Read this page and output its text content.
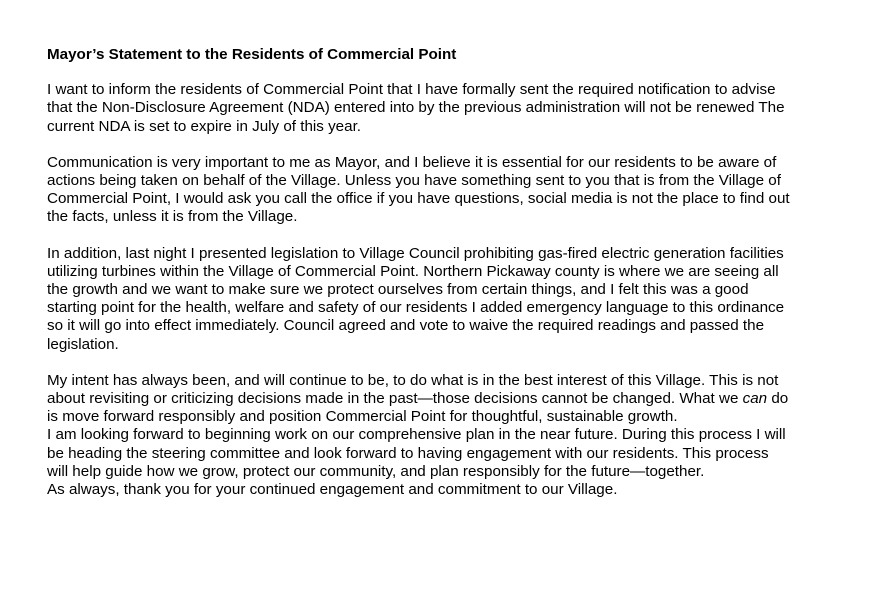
Mayor’s Statement to the Residents of Commercial Point
I want to inform the residents of Commercial Point that I have formally sent the required notification to advise
that the Non-Disclosure Agreement (NDA) entered into by the previous administration will not be renewed The
current NDA is set to expire in July of this year.
Communication is very important to me as Mayor, and I believe it is essential for our residents to be aware of
actions being taken on behalf of the Village. Unless you have something sent to you that is from the Village of
Commercial Point, I would ask you call the office if you have questions, social media is not the place to find out
the facts, unless it is from the Village.
In addition, last night I presented legislation to Village Council prohibiting gas-fired electric generation facilities
utilizing turbines within the Village of Commercial Point. Northern Pickaway county is where we are seeing all
the growth and we want to make sure we protect ourselves from certain things, and I felt this was a good
starting point for the health, welfare and safety of our residents I added emergency language to this ordinance
so it will go into effect immediately. Council agreed and vote to waive the required readings and passed the
legislation.
My intent has always been, and will continue to be, to do what is in the best interest of this Village. This is not
about revisiting or criticizing decisions made in the past—those decisions cannot be changed. What we can do
is move forward responsibly and position Commercial Point for thoughtful, sustainable growth.
I am looking forward to beginning work on our comprehensive plan in the near future. During this process I will
be heading the steering committee and look forward to having engagement with our residents. This process
will help guide how we grow, protect our community, and plan responsibly for the future—together.
As always, thank you for your continued engagement and commitment to our Village.
